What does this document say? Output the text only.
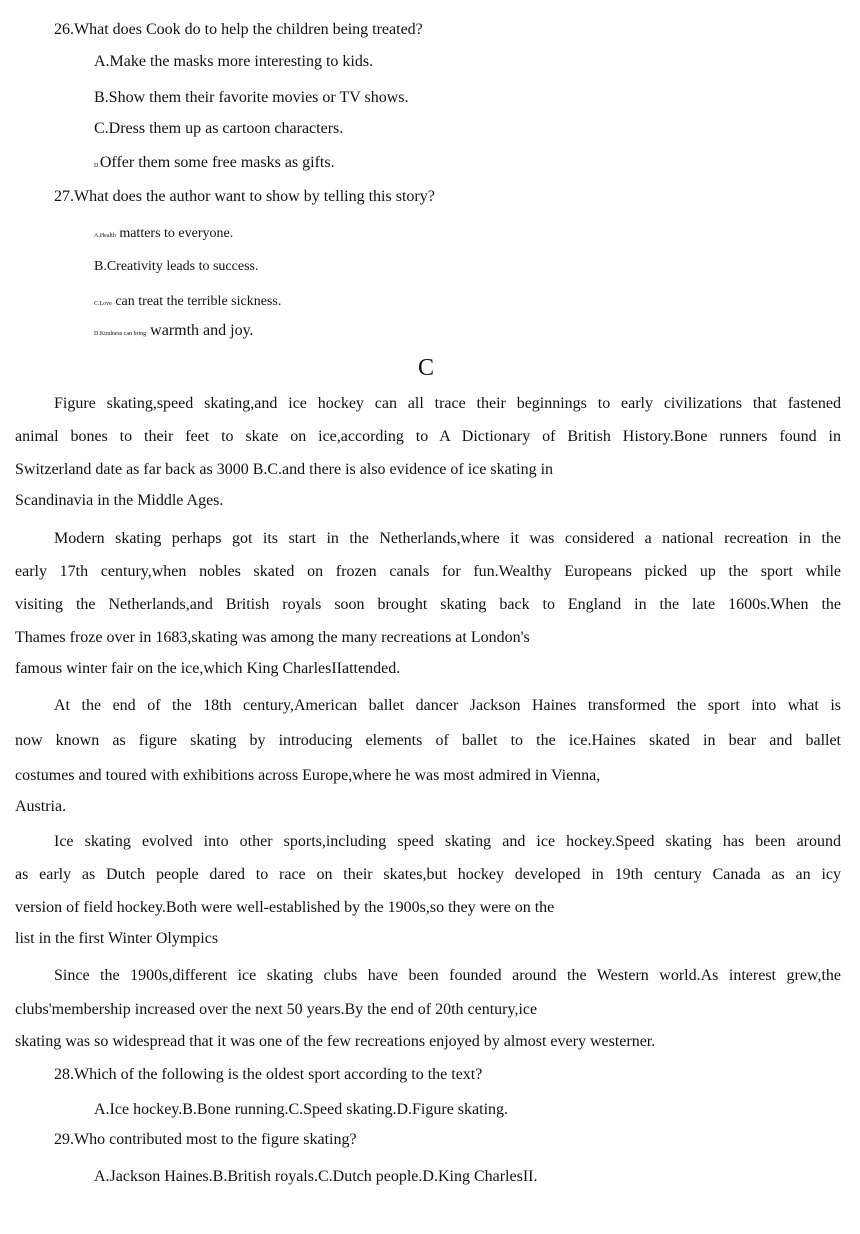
26.What does Cook do to help the children being treated?
A.Make the masks more interesting to kids.
B.Show them their favorite movies or TV shows.
C.Dress them up as cartoon characters.
D.Offer them some free masks as gifts.
27.What does the author want to show by telling this story?
A.Health matters to everyone.
B.Creativity leads to success.
C.Love can treat the terrible sickness.
D.Kindness can bring warmth and joy.
C
Figure skating,speed skating,and ice hockey can all trace their beginnings to early civilizations that fastened
animal bones to their feet to skate on ice,according to A Dictionary of British History.Bone runners found in
Switzerland date as far back as 3000 B.C.and there is also evidence of ice skating in
Scandinavia in the Middle Ages.
Modern skating perhaps got its start in the Netherlands,where it was considered a national recreation in the
early 17th century,when nobles skated on frozen canals for fun.Wealthy Europeans picked up the sport while
visiting the Netherlands,and British royals soon brought skating back to England in the late 1600s.When the
Thames froze over in 1683,skating was among the many recreations at London's
famous winter fair on the ice,which King CharlesIIattended.
At the end of the 18th century,American ballet dancer Jackson Haines transformed the sport into what is
now known as figure skating by introducing elements of ballet to the ice.Haines skated in bear and ballet
costumes and toured with exhibitions across Europe,where he was most admired in Vienna,
Austria.
Ice skating evolved into other sports,including speed skating and ice hockey.Speed skating has been around
as early as Dutch people dared to race on their skates,but hockey developed in 19th century Canada as an icy
version of field hockey.Both were well-established by the 1900s,so they were on the
list in the first Winter Olympics
Since the 1900s,different ice skating clubs have been founded around the Western world.As interest grew,the
clubs'membership increased over the next 50 years.By the end of 20th century,ice
skating was so widespread that it was one of the few recreations enjoyed by almost every westerner.
28.Which of the following is the oldest sport according to the text?
A.Ice hockey.B.Bone running.C.Speed skating.D.Figure skating.
29.Who contributed most to the figure skating?
A.Jackson Haines.B.British royals.C.Dutch people.D.King CharlesII.
